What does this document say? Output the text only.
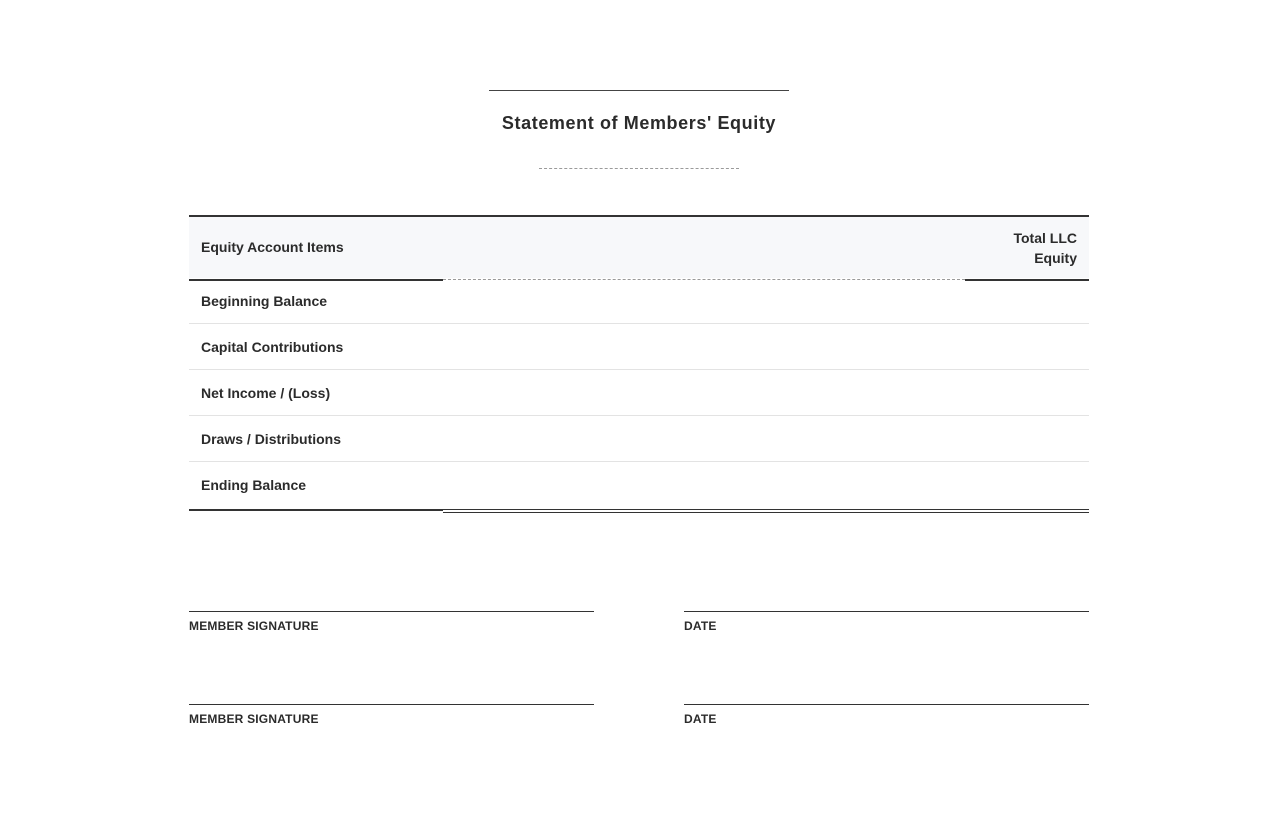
Statement of Members' Equity
Equity Account Items
Total LLC Equity
Beginning Balance
Capital Contributions
Net Income / (Loss)
Draws / Distributions
Ending Balance
MEMBER SIGNATURE	DATE
MEMBER SIGNATURE	DATE
